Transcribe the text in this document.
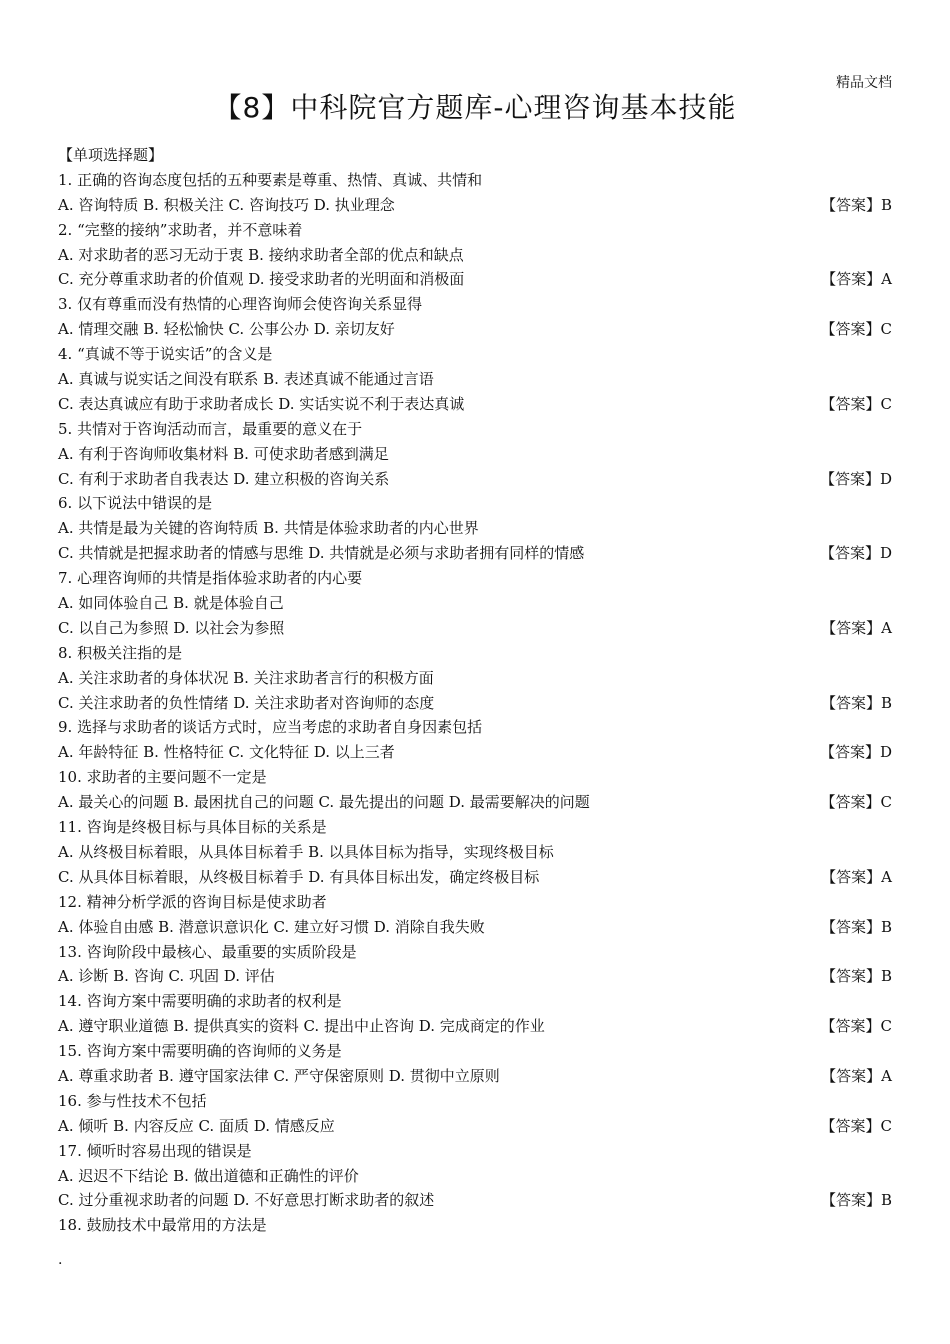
精品文档
【8】中科院官方题库-心理咨询基本技能
【单项选择题】
1. 正确的咨询态度包括的五种要素是尊重、热情、真诚、共情和
A. 咨询特质 B. 积极关注 C. 咨询技巧 D. 执业理念	【答案】B
2. “完整的接纳”求助者，并不意味着
A. 对求助者的恶习无动于衷 B. 接纳求助者全部的优点和缺点
C. 充分尊重求助者的价值观 D. 接受求助者的光明面和消极面	【答案】A
3. 仅有尊重而没有热情的心理咨询师会使咨询关系显得
A. 情理交融 B. 轻松愉快 C. 公事公办 D. 亲切友好	【答案】C
4. “真诚不等于说实话”的含义是
A. 真诚与说实话之间没有联系 B. 表述真诚不能通过言语
C. 表达真诚应有助于求助者成长 D. 实话实说不利于表达真诚	【答案】C
5. 共情对于咨询活动而言，最重要的意义在于
A. 有利于咨询师收集材料 B. 可使求助者感到满足
C. 有利于求助者自我表达 D. 建立积极的咨询关系	【答案】D
6. 以下说法中错误的是
A. 共情是最为关键的咨询特质 B. 共情是体验求助者的内心世界
C. 共情就是把握求助者的情感与思维 D. 共情就是必须与求助者拥有同样的情感	【答案】D
7. 心理咨询师的共情是指体验求助者的内心要
A. 如同体验自己 B. 就是体验自己
C. 以自己为参照 D. 以社会为参照	【答案】A
8. 积极关注指的是
A. 关注求助者的身体状况 B. 关注求助者言行的积极方面
C. 关注求助者的负性情绪 D. 关注求助者对咨询师的态度	【答案】B
9. 选择与求助者的谈话方式时，应当考虑的求助者自身因素包括
A. 年龄特征 B. 性格特征 C. 文化特征 D. 以上三者	【答案】D
10. 求助者的主要问题不一定是
A. 最关心的问题 B. 最困扰自己的问题 C. 最先提出的问题 D. 最需要解决的问题	【答案】C
11. 咨询是终极目标与具体目标的关系是
A. 从终极目标着眼，从具体目标着手 B. 以具体目标为指导，实现终极目标
C. 从具体目标着眼，从终极目标着手 D. 有具体目标出发，确定终极目标	【答案】A
12. 精神分析学派的咨询目标是使求助者
A. 体验自由感 B. 潜意识意识化 C. 建立好习惯 D. 消除自我失败	【答案】B
13. 咨询阶段中最核心、最重要的实质阶段是
A. 诊断 B. 咨询 C. 巩固 D. 评估	【答案】B
14. 咨询方案中需要明确的求助者的权利是
A. 遵守职业道德 B. 提供真实的资料 C. 提出中止咨询 D. 完成商定的作业	【答案】C
15. 咨询方案中需要明确的咨询师的义务是
A. 尊重求助者 B. 遵守国家法律 C. 严守保密原则 D. 贯彻中立原则	【答案】A
16. 参与性技术不包括
A. 倾听 B. 内容反应 C. 面质 D. 情感反应	【答案】C
17. 倾听时容易出现的错误是
A. 迟迟不下结论 B. 做出道德和正确性的评价
C. 过分重视求助者的问题 D. 不好意思打断求助者的叙述	【答案】B
18. 鼓励技术中最常用的方法是
.
